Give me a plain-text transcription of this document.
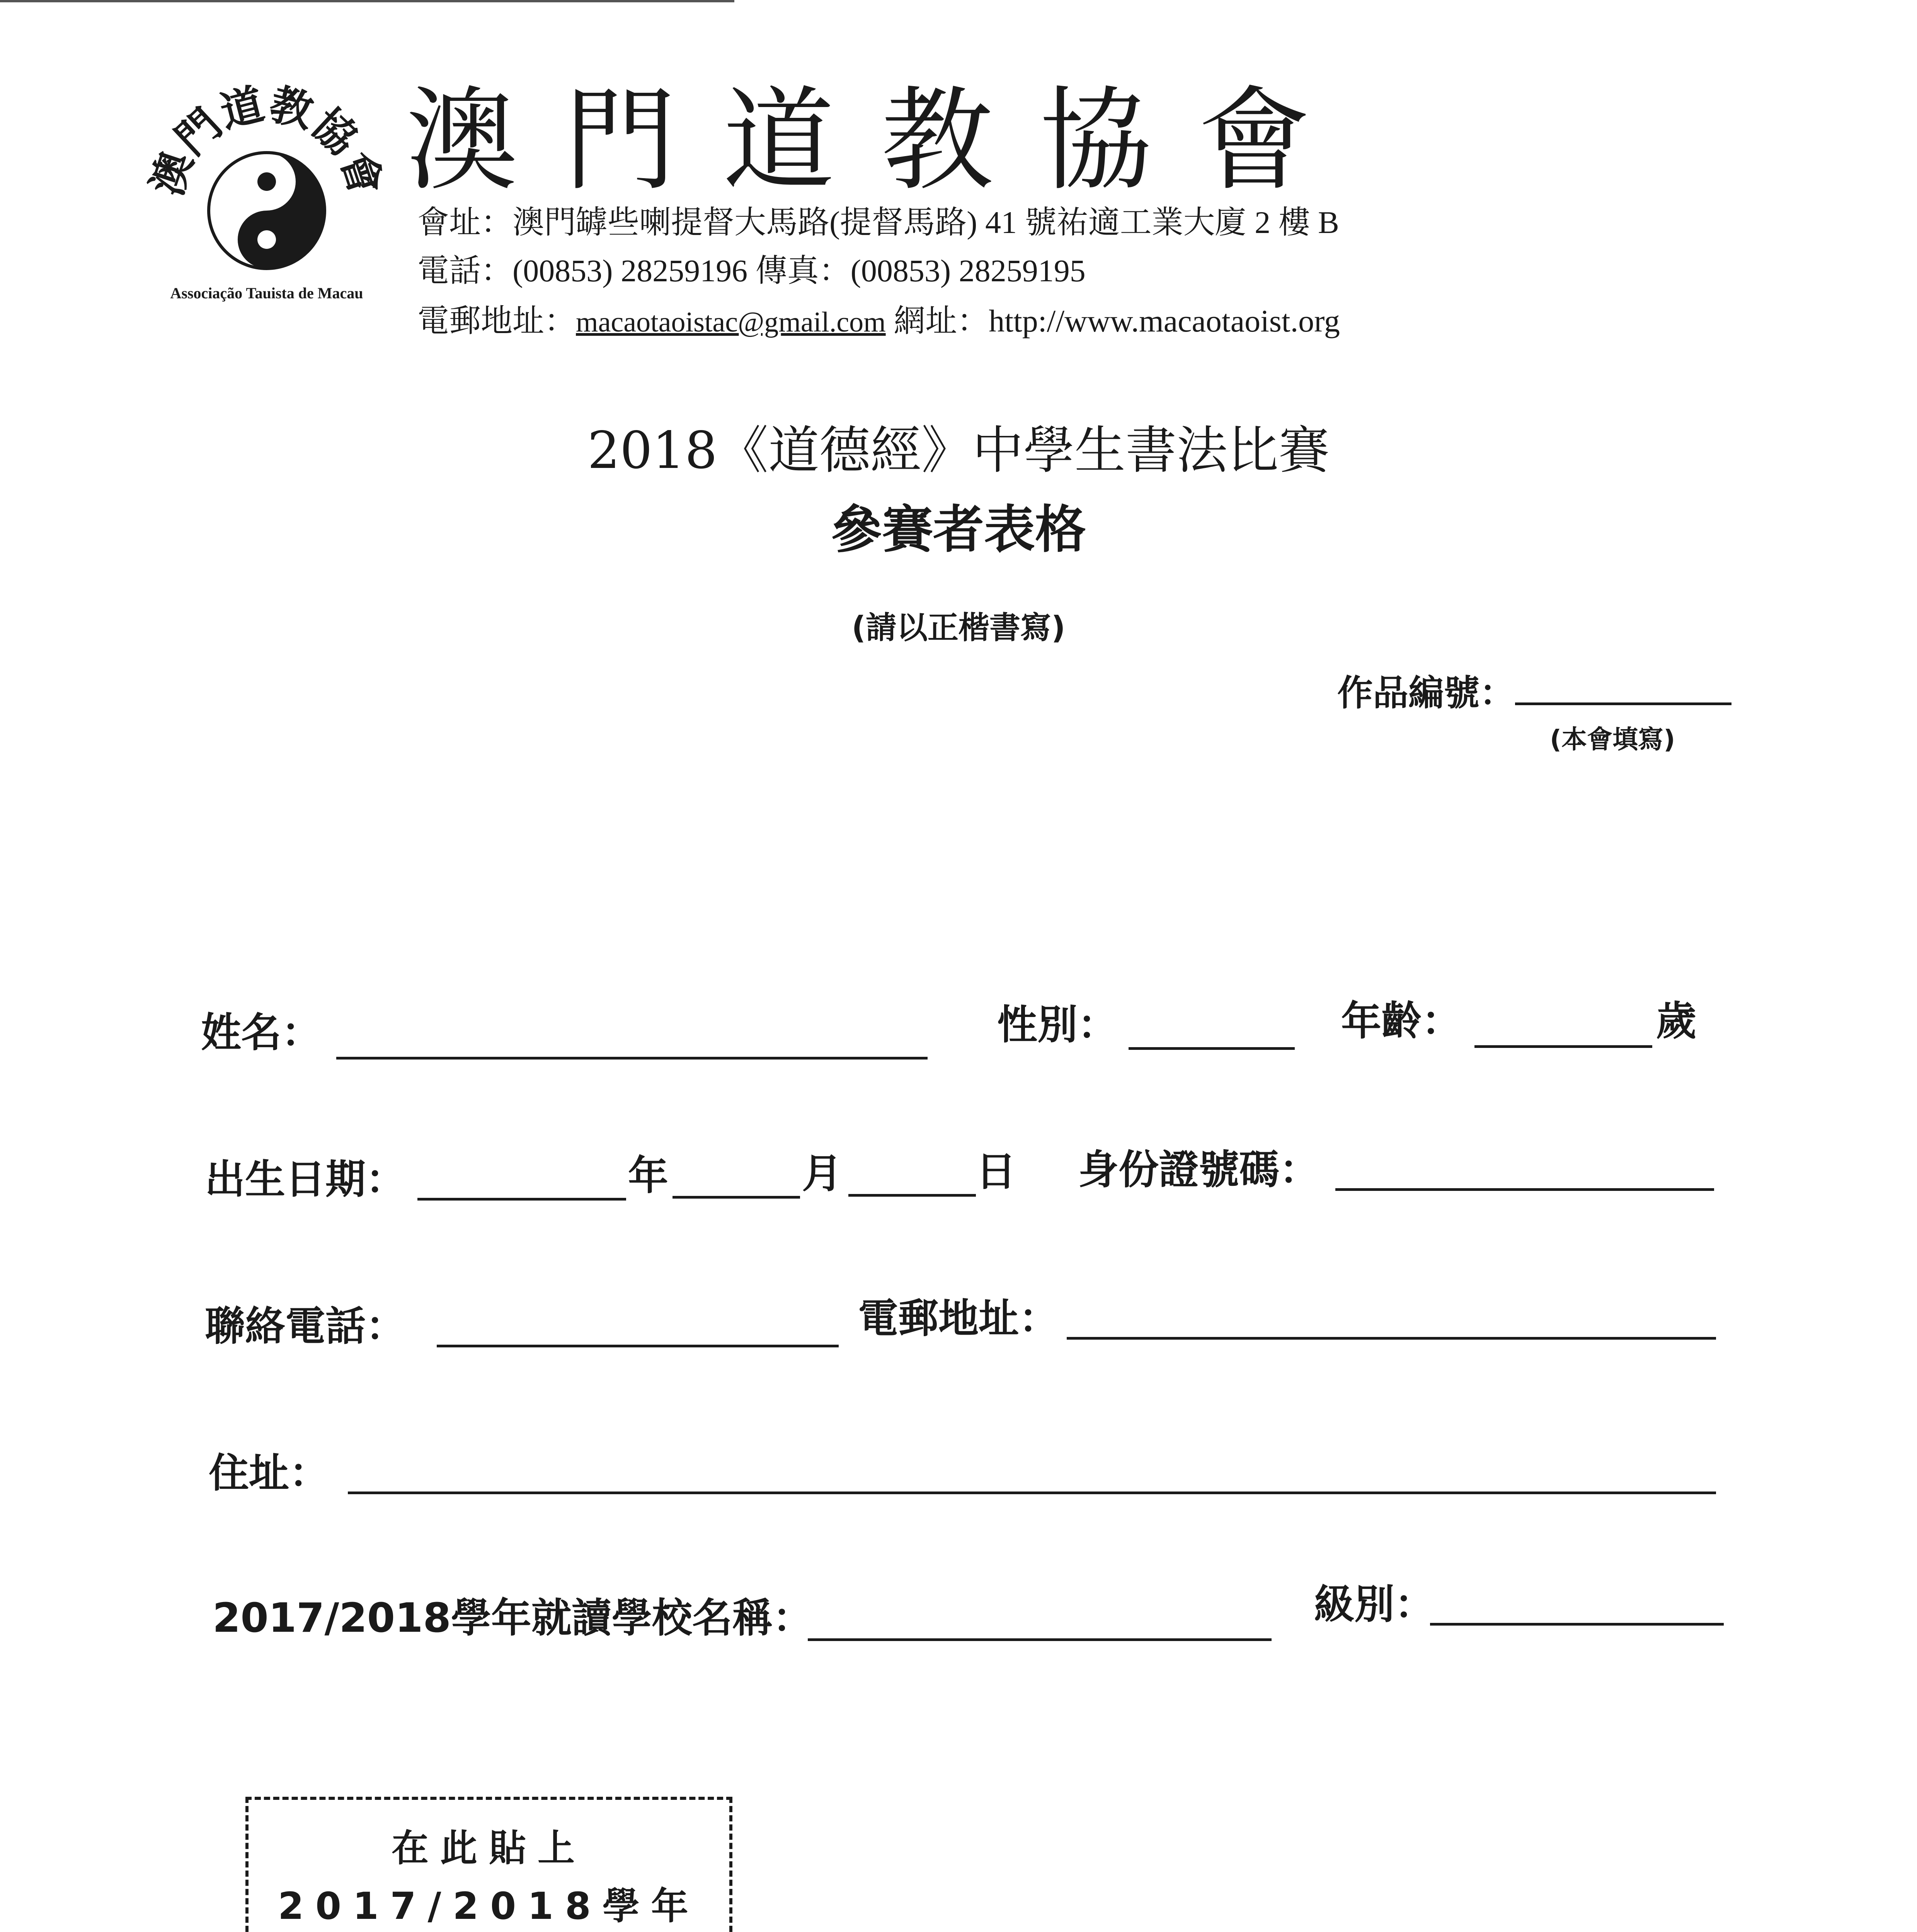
澳門道教協會
Associação Tauista de Macau
澳門道教協會
會址：澳門罅些喇提督大馬路(提督馬路) 41 號祐適工業大廈 2 樓 B
電話：(00853) 28259196 傳真：(00853) 28259195
電郵地址：macaotaoistac@gmail.com 網址：http://www.macaotaoist.org
2018《道德經》中學生書法比賽
參賽者表格
(請以正楷書寫)
作品編號：
(本會填寫)
姓名：	性別：	年齡：	歲
出生日期：	年	月	日 身份證號碼：
聯絡電話：	電郵地址：
住址：
2017/2018學年就讀學校名稱：	級別：
在此貼上
2017/2018學年
